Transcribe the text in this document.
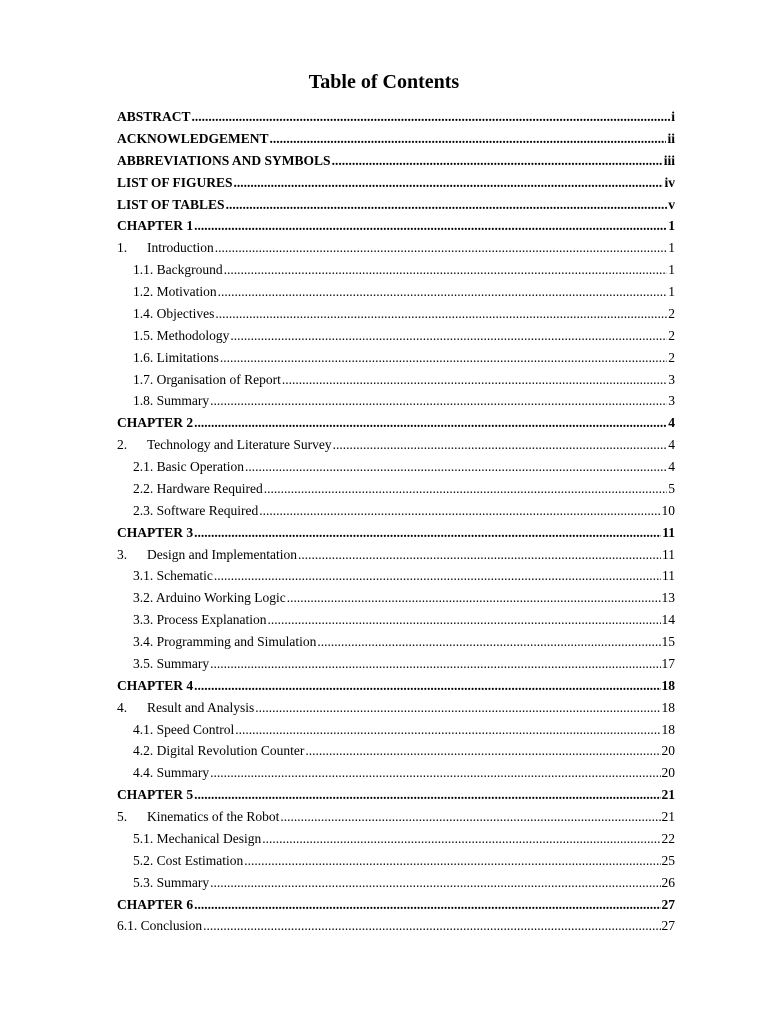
Table of Contents
ABSTRACT .....	i
ACKNOWLEDGEMENT .....	ii
ABBREVIATIONS AND SYMBOLS .....	iii
LIST OF FIGURES .....	iv
LIST OF TABLES .....	v
CHAPTER 1 .....	1
1. Introduction .....	1
1.1. Background .....	1
1.2. Motivation .....	1
1.4. Objectives .....	2
1.5. Methodology .....	2
1.6. Limitations .....	2
1.7. Organisation of Report .....	3
1.8. Summary .....	3
CHAPTER 2 .....	4
2. Technology and Literature Survey .....	4
2.1. Basic Operation .....	4
2.2. Hardware Required .....	5
2.3. Software Required .....	10
CHAPTER 3 .....	11
3. Design and Implementation .....	11
3.1. Schematic .....	11
3.2. Arduino Working Logic .....	13
3.3. Process Explanation .....	14
3.4. Programming and Simulation .....	15
3.5. Summary .....	17
CHAPTER 4 .....	18
4. Result and Analysis .....	18
4.1. Speed Control .....	18
4.2. Digital Revolution Counter .....	20
4.4. Summary .....	20
CHAPTER 5 .....	21
5. Kinematics of the Robot .....	21
5.1. Mechanical Design .....	22
5.2. Cost Estimation .....	25
5.3. Summary .....	26
CHAPTER 6 .....	27
6.1. Conclusion .....	27
